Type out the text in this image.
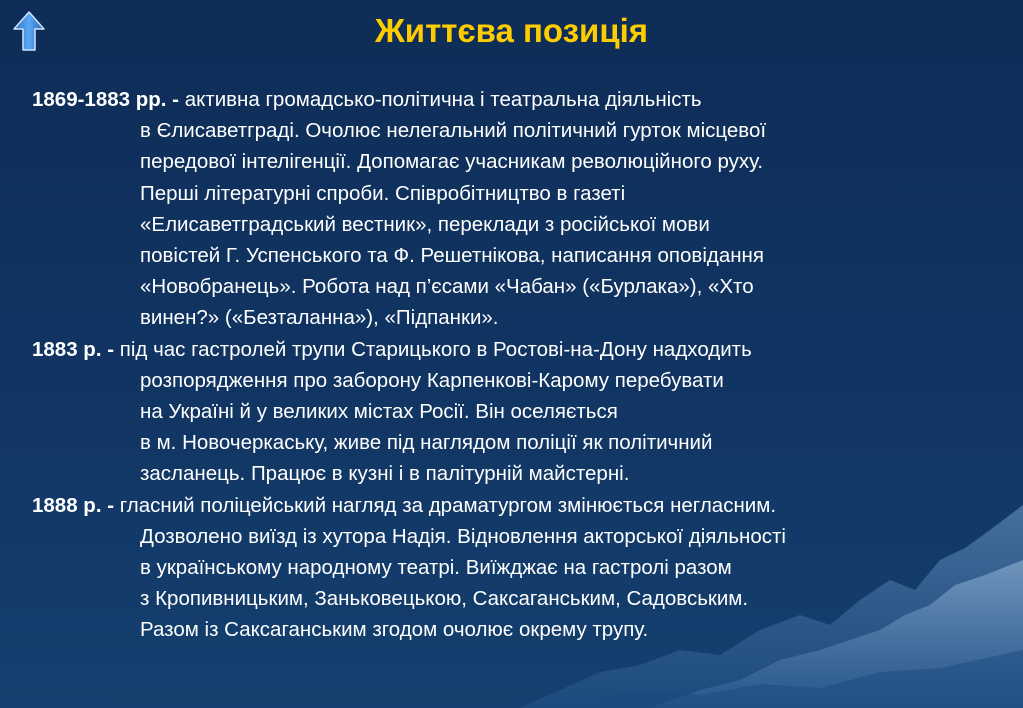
Життєва позиція

1869-1883 рр. - активна громадсько-політична і театральна діяльність
в Єлисаветграді. Очолює нелегальний політичний гурток місцевої
передової інтелігенції. Допомагає учасникам революційного руху.
Перші літературні спроби. Співробітництво в газеті
«Елисаветградський вестник», переклади з російської мови
повістей Г. Успенського та Ф. Решетнікова, написання оповідання
«Новобранець». Робота над п’єсами «Чабан» («Бурлака»), «Хто
винен?» («Безталанна»), «Підпанки».

1883 р. - під час гастролей трупи Старицького в Ростові-на-Дону надходить
розпорядження про заборону Карпенкові-Карому перебувати
на Україні й у великих містах Росії. Він оселяється
в м. Новочеркаську, живе під наглядом поліції як політичний
засланець. Працює в кузні і в палітурній майстерні.

1888 р. - гласний поліцейський нагляд за драматургом змінюється негласним.
Дозволено виїзд із хутора Надія. Відновлення акторської діяльності
в українському народному театрі. Виїжджає на гастролі разом
з Кропивницьким, Заньковецькою, Саксаганським, Садовським.
Разом із Саксаганським згодом очолює окрему трупу.
